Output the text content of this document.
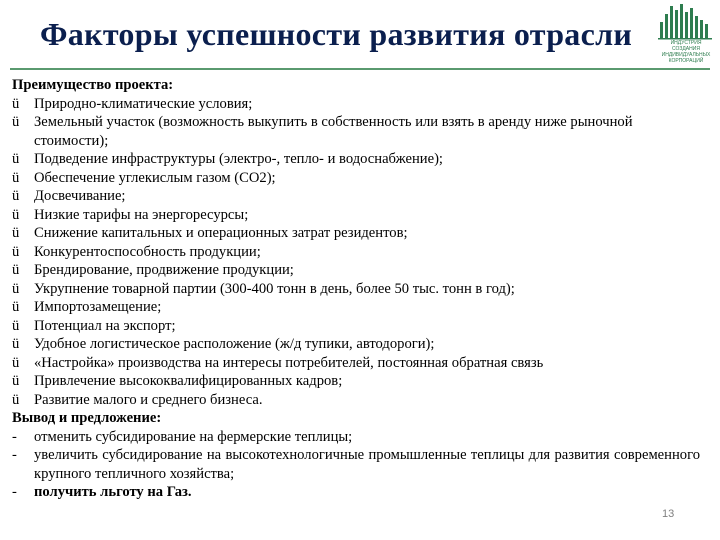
Факторы успешности развития отрасли	ИНДУСТРИЯ
СОЗДАНИЯ
ИНДИВИДУАЛЬНЫХ
КОРПОРАЦИЙ
Преимущество проекта:
ü	Природно-климатические условия;
ü	Земельный участок (возможность выкупить в собственность или взять в аренду ниже рыночной стоимости);
ü	Подведение инфраструктуры (электро-, тепло- и водоснабжение);
ü	Обеспечение углекислым газом (СО2);
ü	Досвечивание;
ü	Низкие тарифы на энергоресурсы;
ü	Снижение капитальных и операционных затрат резидентов;
ü	Конкурентоспособность продукции;
ü	Брендирование, продвижение продукции;
ü	Укрупнение товарной партии (300-400 тонн в день, более 50 тыс. тонн в год);
ü	Импортозамещение;
ü	Потенциал на экспорт;
ü	Удобное логистическое расположение (ж/д тупики, автодороги);
ü	«Настройка» производства на интересы потребителей, постоянная обратная связь
ü	Привлечение высококвалифицированных кадров;
ü	Развитие малого и среднего бизнеса.
Вывод и предложение:
-	отменить субсидирование на фермерские теплицы;
-	увеличить субсидирование на высокотехнологичные промышленные теплицы для развития современного крупного тепличного хозяйства;
-	получить льготу на Газ.
13
